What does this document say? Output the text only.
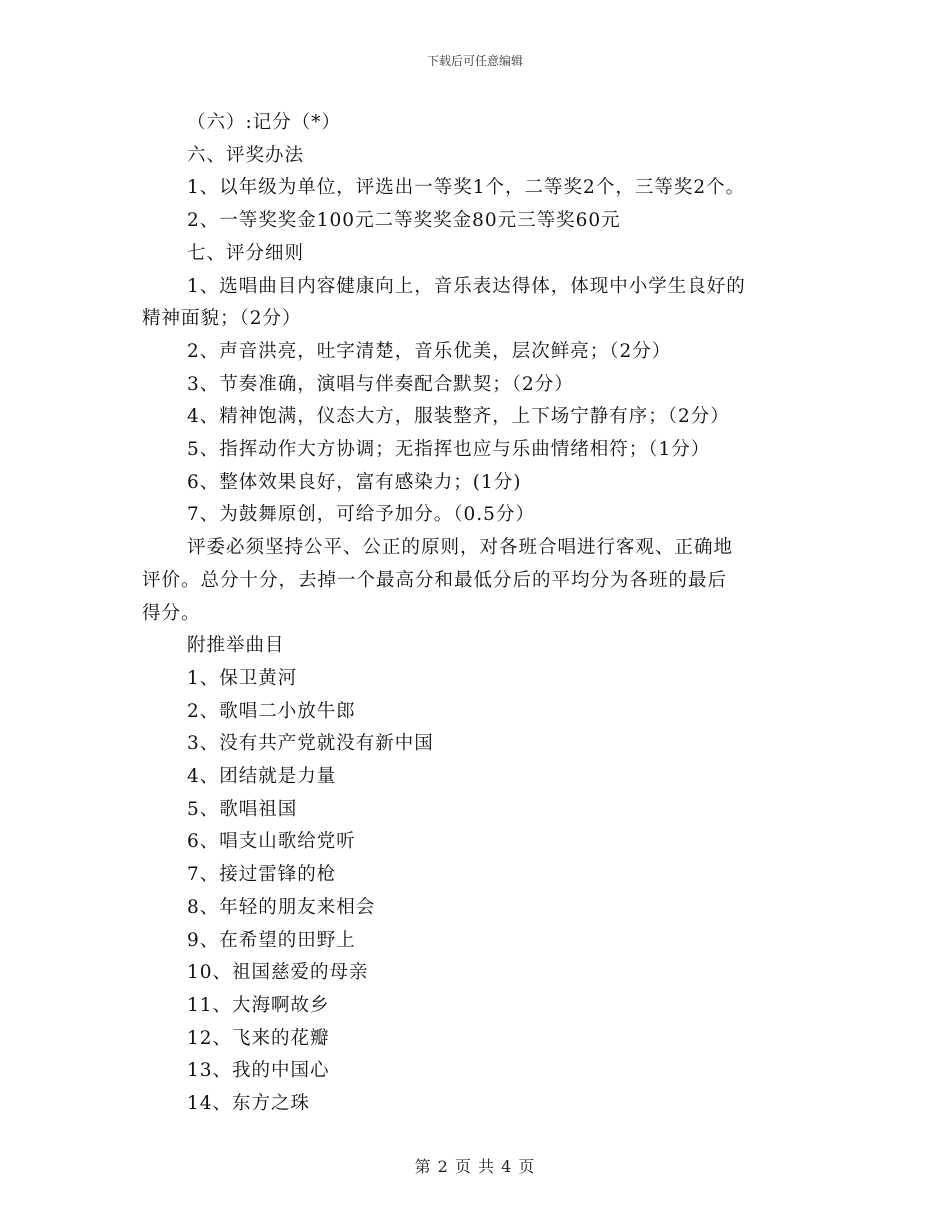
下载后可任意编辑
（六）:记分（*）
六、评奖办法
1、以年级为单位，评选出一等奖1个，二等奖2个，三等奖2个。
2、一等奖奖金100元二等奖奖金80元三等奖60元
七、评分细则
1、选唱曲目内容健康向上，音乐表达得体，体现中小学生良好的
精神面貌；（2分）
2、声音洪亮，吐字清楚，音乐优美，层次鲜亮；（2分）
3、节奏准确，演唱与伴奏配合默契；（2分）
4、精神饱满，仪态大方，服装整齐，上下场宁静有序；（2分）
5、指挥动作大方协调；无指挥也应与乐曲情绪相符；（1分）
6、整体效果良好，富有感染力；(1分)
7、为鼓舞原创，可给予加分。（0.5分）
评委必须坚持公平、公正的原则，对各班合唱进行客观、正确地
评价。总分十分，去掉一个最高分和最低分后的平均分为各班的最后
得分。
附推举曲目
1、保卫黄河
2、歌唱二小放牛郎
3、没有共产党就没有新中国
4、团结就是力量
5、歌唱祖国
6、唱支山歌给党听
7、接过雷锋的枪
8、年轻的朋友来相会
9、在希望的田野上
10、祖国慈爱的母亲
11、大海啊故乡
12、飞来的花瓣
13、我的中国心
14、东方之珠
第 2 页 共 4 页
